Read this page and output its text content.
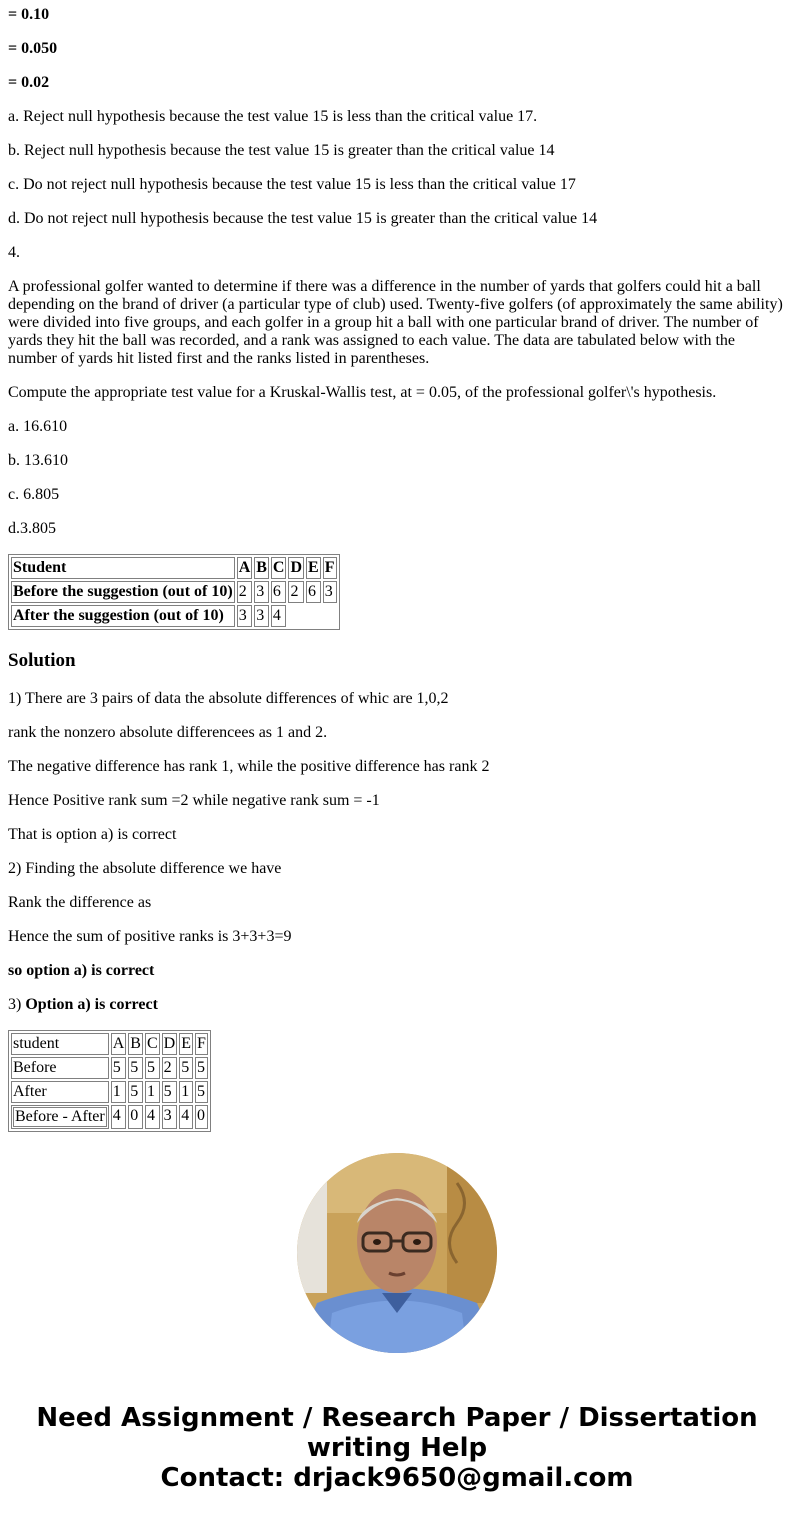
= 0.10

= 0.050

= 0.02

a. Reject null hypothesis because the test value 15 is less than the critical value 17.

b. Reject null hypothesis because the test value 15 is greater than the critical value 14

c. Do not reject null hypothesis because the test value 15 is less than the critical value 17

d. Do not reject null hypothesis because the test value 15 is greater than the critical value 14

4.

A professional golfer wanted to determine if there was a difference in the number of yards that golfers could hit a ball depending on the brand of driver (a particular type of club) used. Twenty-five golfers (of approximately the same ability) were divided into five groups, and each golfer in a group hit a ball with one particular brand of driver. The number of yards they hit the ball was recorded, and a rank was assigned to each value. The data are tabulated below with the number of yards hit listed first and the ranks listed in parentheses.

Compute the appropriate test value for a Kruskal-Wallis test, at = 0.05, of the professional golfer\'s hypothesis.

a. 16.610

b. 13.610

c. 6.805

d.3.805

Student	A	B	C	D	E	F
Before the suggestion (out of 10)	2	3	6	2	6	3
After the suggestion (out of 10)	3	3	4			
Solution

1) There are 3 pairs of data the absolute differences of whic are 1,0,2

rank the nonzero absolute differencees as 1 and 2.

The negative difference has rank 1, while the positive difference has rank 2

Hence Positive rank sum =2 while negative rank sum = -1

That is option a) is correct

2) Finding the absolute difference we have

Rank the difference as

Hence the sum of positive ranks is 3+3+3=9

so option a) is correct

3) Option a) is correct

student	A	B	C	D	E	F
Before	5	5	5	2	5	5
After	1	5	1	5	1	5
Before - After	4	0	4	3	4	0
Need Assignment / Research Paper / Dissertation
writing Help
Contact: drjack9650@gmail.com
